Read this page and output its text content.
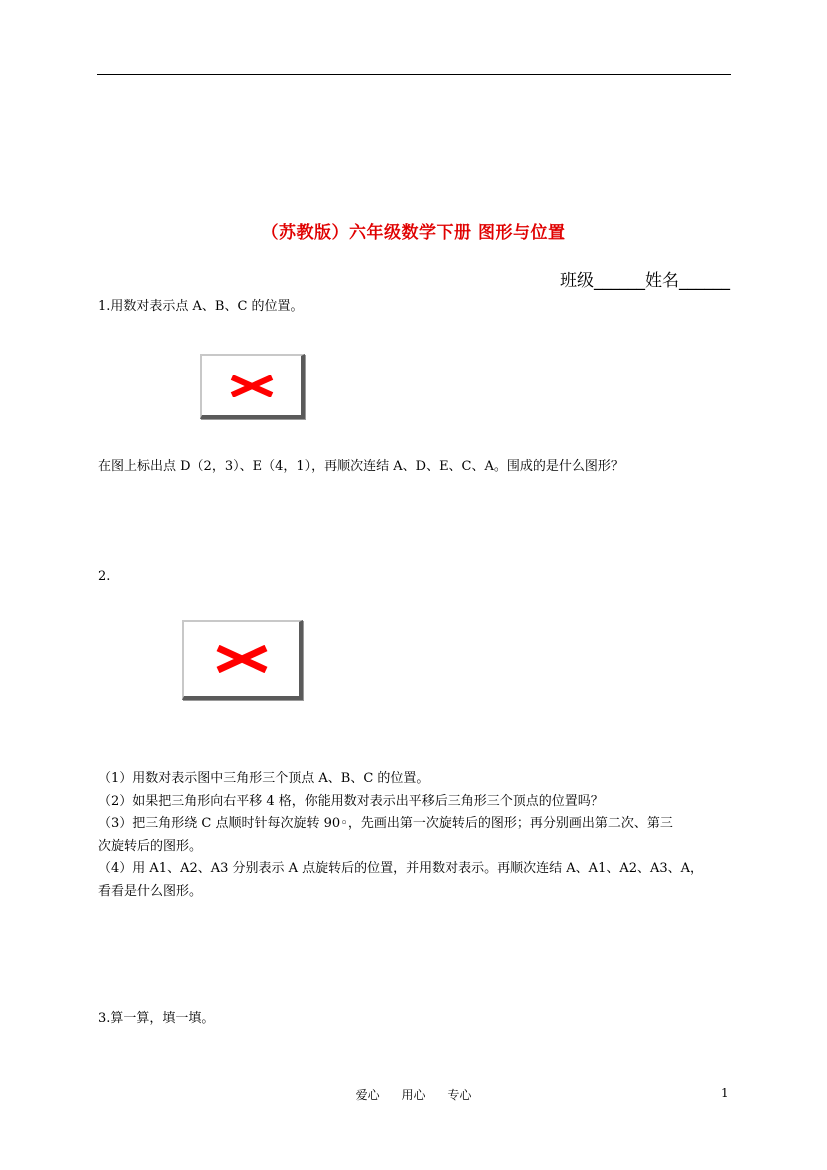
（苏教版）六年级数学下册 图形与位置
班级______姓名______
1.用数对表示点 A、B、C 的位置。
在图上标出点 D（2，3）、E（4，1），再顺次连结 A、D、E、C、A。围成的是什么图形？
2.
（1）用数对表示图中三角形三个顶点 A、B、C 的位置。
（2）如果把三角形向右平移 4 格，你能用数对表示出平移后三角形三个顶点的位置吗？
（3）把三角形绕 C 点顺时针每次旋转 90◦，先画出第一次旋转后的图形；再分别画出第二次、第三
次旋转后的图形。
（4）用 A1、A2、A3 分别表示 A 点旋转后的位置，并用数对表示。再顺次连结 A、A1、A2、A3、A，
看看是什么图形。
3.算一算，填一填。
爱心 用心 专心	1
